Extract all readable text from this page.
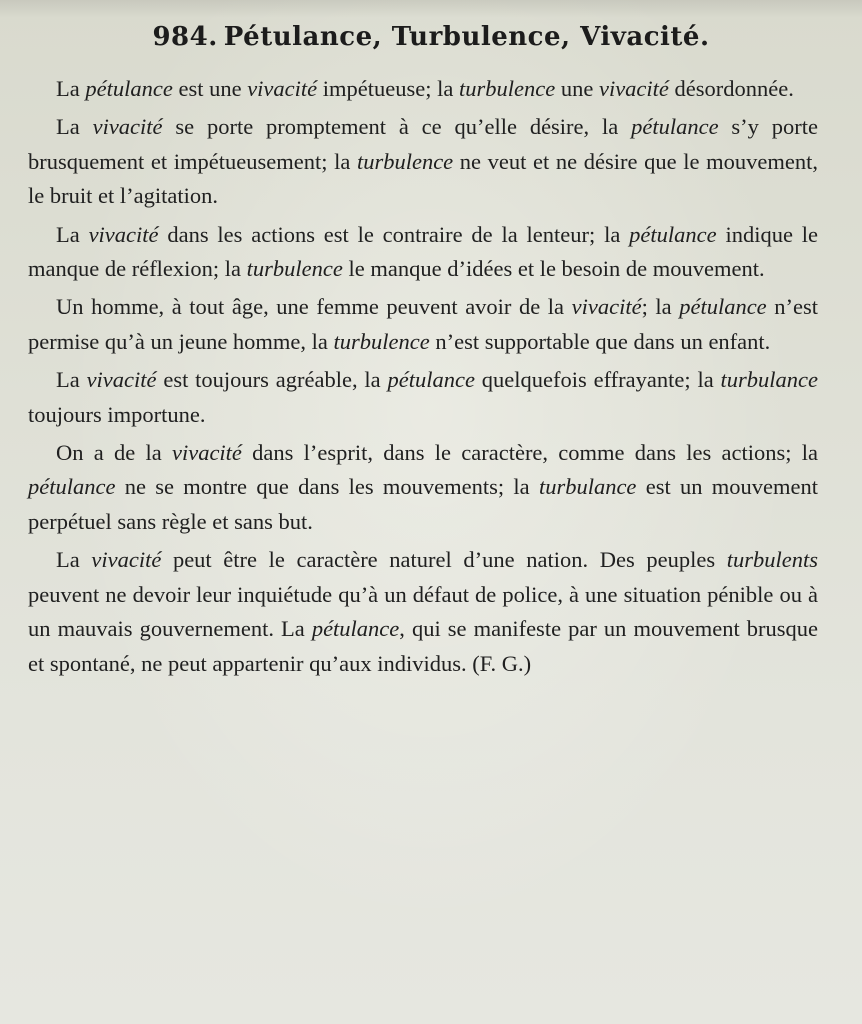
984. Pétulance, Turbulence, Vivacité.

La pétulance est une vivacité impétueuse; la turbulence une vivacité désordonnée.

La vivacité se porte promptement à ce qu’elle désire, la pétulance s’y porte brusquement et impétueusement; la turbulence ne veut et ne désire que le mouvement, le bruit et l’agitation.

La vivacité dans les actions est le contraire de la lenteur; la pétulance indique le manque de réflexion; la turbulence le manque d’idées et le besoin de mouvement.

Un homme, à tout âge, une femme peuvent avoir de la vivacité; la pétulance n’est permise qu’à un jeune homme, la turbulence n’est supportable que dans un enfant.

La vivacité est toujours agréable, la pétulance quelquefois effrayante; la turbulance toujours importune.

On a de la vivacité dans l’esprit, dans le caractère, comme dans les actions; la pétulance ne se montre que dans les mouvements; la turbulance est un mouvement perpétuel sans règle et sans but.

La vivacité peut être le caractère naturel d’une nation. Des peuples turbulents peuvent ne devoir leur inquiétude qu’à un défaut de police, à une situation pénible ou à un mauvais gouvernement. La pétulance, qui se manifeste par un mouvement brusque et spontané, ne peut appartenir qu’aux individus. (F. G.)
